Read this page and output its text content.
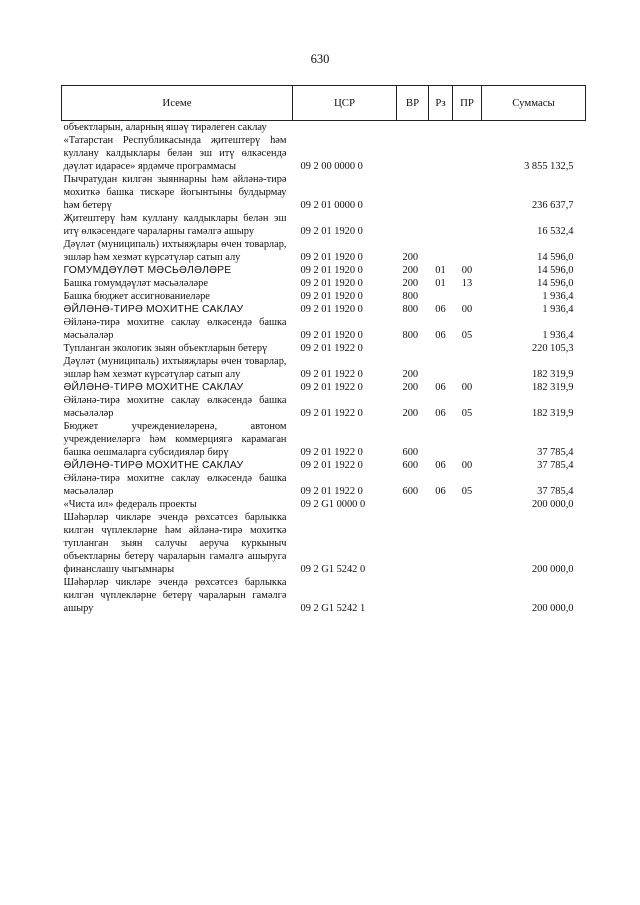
630
Исеме	ЦСР	ВР	Рз	ПР	Суммасы
объектларын, аларның яшәү тирәлеген саклау					
«Татарстан Республикасында җитештерү һәм куллану калдыклары белән эш итү өлкәсендә дәүләт идарәсе» ярдәмче программасы	09 2 00 0000 0				3 855 132,5
Пычратудан килгән зыяннарны һәм әйләнә-тирә мохиткә башка тискәре йогынтыны булдырмау һәм бетерү	09 2 01 0000 0				236 637,7
Җитештерү һәм куллану калдыклары белән эш итү өлкәсендәге чараларны гамәлгә ашыру	09 2 01 1920 0				16 532,4
Дәүләт (муниципаль) ихтыяҗлары өчен товарлар, эшләр һәм хезмәт күрсәтүләр сатып алу	09 2 01 1920 0	200			14 596,0
ГОМУМДӘҮЛӘТ МӘСЬӘЛӘЛӘРЕ	09 2 01 1920 0	200	01	00	14 596,0
Башка гомумдәүләт мәсьәләләре	09 2 01 1920 0	200	01	13	14 596,0
Башка бюджет ассигнованиеләре	09 2 01 1920 0	800			1 936,4
ӘЙЛӘНӘ-ТИРӘ МОХИТНЕ САКЛАУ	09 2 01 1920 0	800	06	00	1 936,4
Әйләнә-тирә мохитне саклау өлкәсендә башка мәсьәләләр	09 2 01 1920 0	800	06	05	1 936,4
Тупланган экологик зыян объектларын бетерү	09 2 01 1922 0				220 105,3
Дәүләт (муниципаль) ихтыяҗлары өчен товарлар, эшләр һәм хезмәт күрсәтүләр сатып алу	09 2 01 1922 0	200			182 319,9
ӘЙЛӘНӘ-ТИРӘ МОХИТНЕ САКЛАУ	09 2 01 1922 0	200	06	00	182 319,9
Әйләнә-тирә мохитне саклау өлкәсендә башка мәсьәләләр	09 2 01 1922 0	200	06	05	182 319,9
Бюджет учреждениеләренә, автоном учреждениеләргә һәм коммерциягә карамаган башка оешмаларга субсидияләр бирү	09 2 01 1922 0	600			37 785,4
ӘЙЛӘНӘ-ТИРӘ МОХИТНЕ САКЛАУ	09 2 01 1922 0	600	06	00	37 785,4
Әйләнә-тирә мохитне саклау өлкәсендә башка мәсьәләләр	09 2 01 1922 0	600	06	05	37 785,4
«Чиста ил» федераль проекты	09 2 G1 0000 0				200 000,0
Шәһәрләр чикләре эчендә рөхсәтсез барлыкка килгән чүплекләрне һәм әйләнә-тирә мохиткә тупланган зыян салучы аеруча куркыныч объектларны бетерү чараларын гамәлгә ашыруга финанслашу чыгымнары	09 2 G1 5242 0				200 000,0
Шәһәрләр чикләре эчендә рөхсәтсез барлыкка килгән чүплекләрне бетерү чараларын гамәлгә ашыру	09 2 G1 5242 1				200 000,0
